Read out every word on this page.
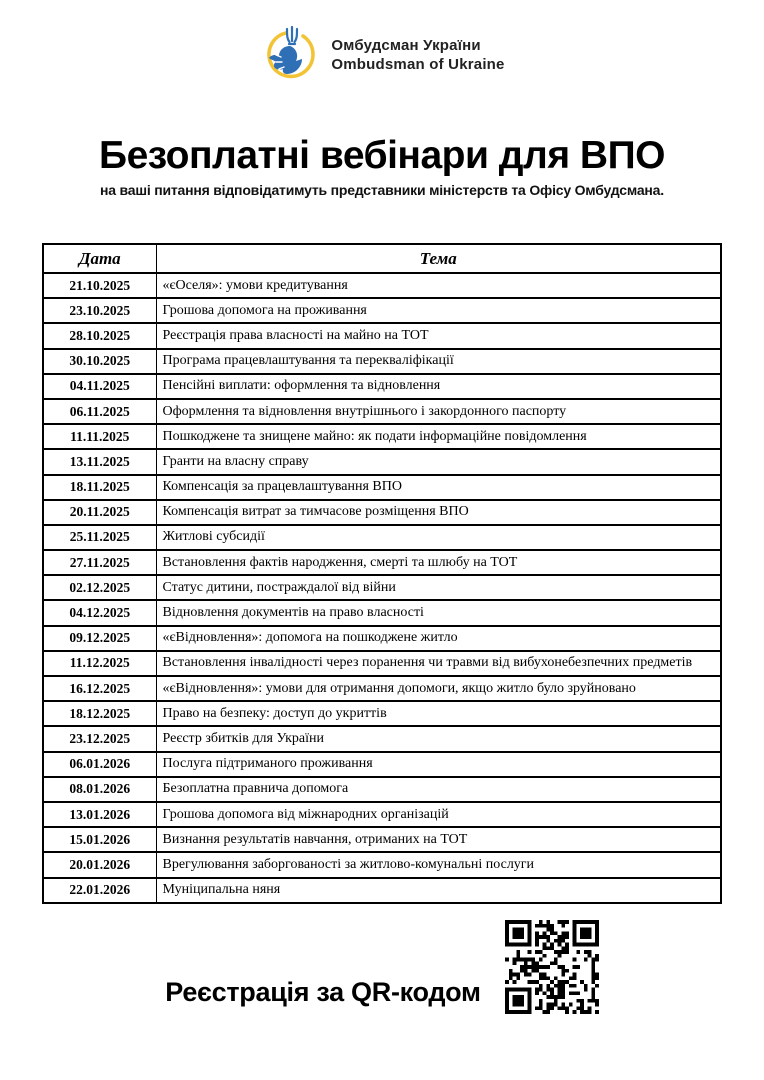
Омбудсман України
Ombudsman of Ukraine
Безоплатні вебінари для ВПО
на ваші питання відповідатимуть представники міністерств та Офісу Омбудсмана.
Дата	Тема
21.10.2025	«єОселя»: умови кредитування
23.10.2025	Грошова допомога на проживання
28.10.2025	Реєстрація права власності на майно на ТОТ
30.10.2025	Програма працевлаштування та перекваліфікації
04.11.2025	Пенсійні виплати: оформлення та відновлення
06.11.2025	Оформлення та відновлення внутрішнього і закордонного паспорту
11.11.2025	Пошкоджене та знищене майно: як подати інформаційне повідомлення
13.11.2025	Гранти на власну справу
18.11.2025	Компенсація за працевлаштування ВПО
20.11.2025	Компенсація витрат за тимчасове розміщення ВПО
25.11.2025	Житлові субсидії
27.11.2025	Встановлення фактів народження, смерті та шлюбу на ТОТ
02.12.2025	Статус дитини, постраждалої від війни
04.12.2025	Відновлення документів на право власності
09.12.2025	«єВідновлення»: допомога на пошкоджене житло
11.12.2025	Встановлення інвалідності через поранення чи травми від вибухонебезпечних предметів
16.12.2025	«єВідновлення»: умови для отримання допомоги, якщо житло було зруйновано
18.12.2025	Право на безпеку: доступ до укриттів
23.12.2025	Реєстр збитків для України
06.01.2026	Послуга підтриманого проживання
08.01.2026	Безоплатна правнича допомога
13.01.2026	Грошова допомога від міжнародних організацій
15.01.2026	Визнання результатів навчання, отриманих на ТОТ
20.01.2026	Врегулювання заборгованості за житлово-комунальні послуги
22.01.2026	Муніципальна няня
Реєстрація за QR-кодом
